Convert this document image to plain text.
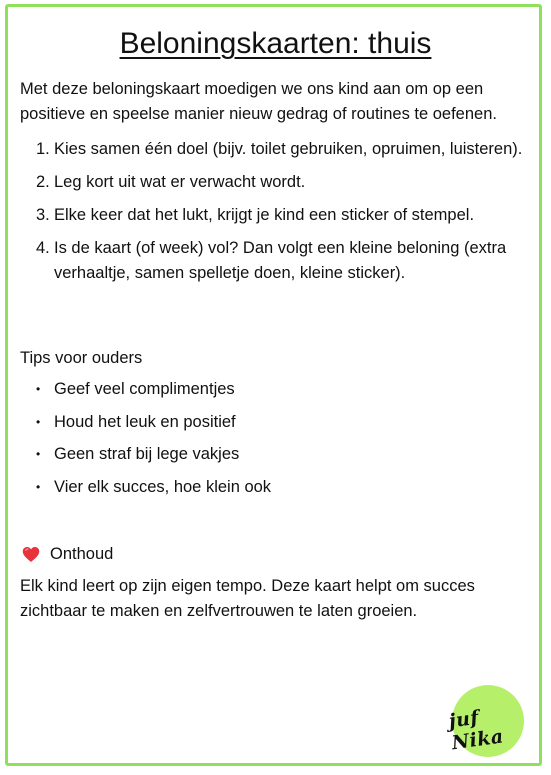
Beloningskaarten: thuis

Met deze beloningskaart moedigen we ons kind aan om op een positieve en speelse manier nieuw gedrag of routines te oefenen.

1. Kies samen één doel (bijv. toilet gebruiken, opruimen, luisteren).
2. Leg kort uit wat er verwacht wordt.
3. Elke keer dat het lukt, krijgt je kind een sticker of stempel.
4. Is de kaart (of week) vol? Dan volgt een kleine beloning (extra verhaaltje, samen spelletje doen, kleine sticker).

Tips voor ouders

• Geef veel complimentjes
• Houd het leuk en positief
• Geen straf bij lege vakjes
• Vier elk succes, hoe klein ook
Onthoud

Elk kind leert op zijn eigen tempo. Deze kaart helpt om succes zichtbaar te maken en zelfvertrouwen te laten groeien.

juf Nika
